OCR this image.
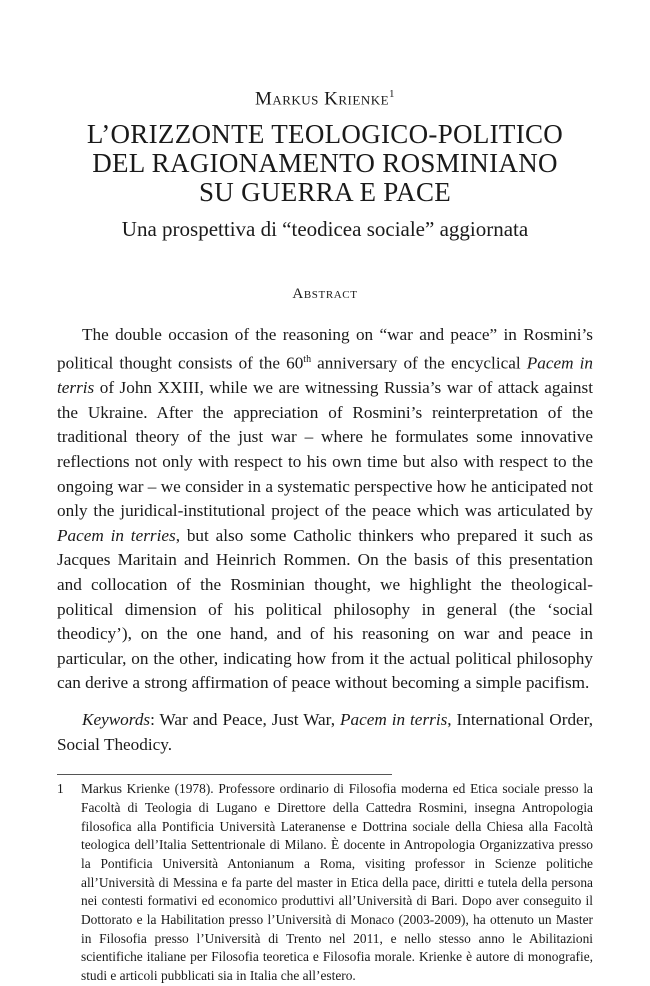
Markus Krienke$^1$

L’ORIZZONTE TEOLOGICO-POLITICO
DEL RAGIONAMENTO ROSMINIANO
SU GUERRA E PACE

Una prospettiva di “teodicea sociale” aggiornata

Abstract

The double occasion of the reasoning on “war and peace” in Rosmini’s political thought consists of the 60th anniversary of the encyclical Pacem in terris of John XXIII, while we are witnessing Russia’s war of attack against the Ukraine. After the appreciation of Rosmini’s reinterpretation of the traditional theory of the just war – where he formulates some innovative reflections not only with respect to his own time but also with respect to the ongoing war – we consider in a systematic perspective how he anticipated not only the juridical-institutional project of the peace which was articulated by Pacem in terries, but also some Catholic thinkers who prepared it such as Jacques Maritain and Heinrich Rommen. On the basis of this presentation and collocation of the Rosminian thought, we highlight the theological-political dimension of his political philosophy in general (the ‘social theodicy’), on the one hand, and of his reasoning on war and peace in particular, on the other, indicating how from it the actual political philosophy can derive a strong affirmation of peace without becoming a simple pacifism.

Keywords: War and Peace, Just War, Pacem in terris, International Order, Social Theodicy.

1	Markus Krienke (1978). Professore ordinario di Filosofia moderna ed Etica sociale presso la Facoltà di Teologia di Lugano e Direttore della Cattedra Rosmini, insegna Antropologia filosofica alla Pontificia Università Lateranense e Dottrina sociale della Chiesa alla Facoltà teologica dell’Italia Settentrionale di Milano. È docente in Antropologia Organizzativa presso la Pontificia Università Antonianum a Roma, visiting professor in Scienze politiche all’Università di Messina e fa parte del master in Etica della pace, diritti e tutela della persona nei contesti formativi ed economico produttivi all’Università di Bari. Dopo aver conseguito il Dottorato e la Habilitation presso l’Università di Monaco (2003-2009), ha ottenuto un Master in Filosofia presso l’Università di Trento nel 2011, e nello stesso anno le Abilitazioni scientifiche italiane per Filosofia teoretica e Filosofia morale. Krienke è autore di monografie, studi e articoli pubblicati sia in Italia che all’estero.
